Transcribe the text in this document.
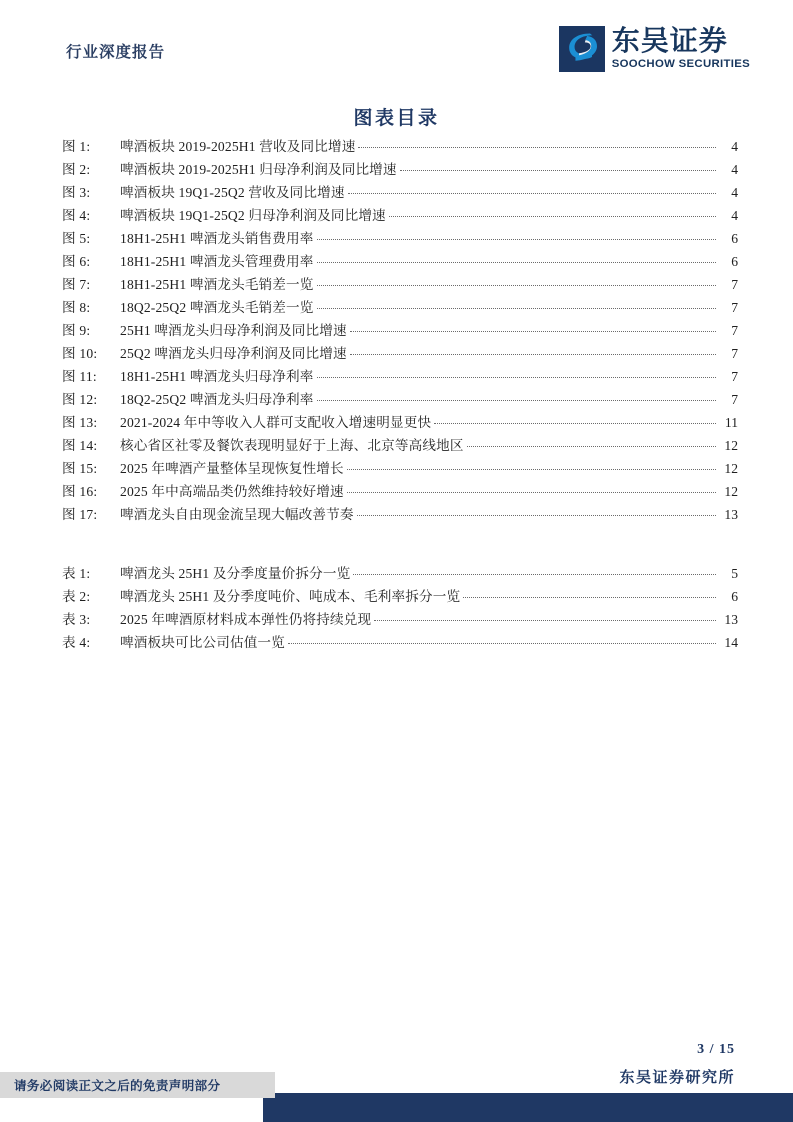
行业深度报告	东吴证券
SOOCHOW SECURITIES
图表目录
图 1:	啤酒板块 2019-2025H1 营收及同比增速	4
图 2:	啤酒板块 2019-2025H1 归母净利润及同比增速	4
图 3:	啤酒板块 19Q1-25Q2 营收及同比增速	4
图 4:	啤酒板块 19Q1-25Q2 归母净利润及同比增速	4
图 5:	18H1-25H1 啤酒龙头销售费用率	6
图 6:	18H1-25H1 啤酒龙头管理费用率	6
图 7:	18H1-25H1 啤酒龙头毛销差一览	7
图 8:	18Q2-25Q2 啤酒龙头毛销差一览	7
图 9:	25H1 啤酒龙头归母净利润及同比增速	7
图 10:	25Q2 啤酒龙头归母净利润及同比增速	7
图 11:	18H1-25H1 啤酒龙头归母净利率	7
图 12:	18Q2-25Q2 啤酒龙头归母净利率	7
图 13:	2021-2024 年中等收入人群可支配收入增速明显更快	11
图 14:	核心省区社零及餐饮表现明显好于上海、北京等高线地区	12
图 15:	2025 年啤酒产量整体呈现恢复性增长	12
图 16:	2025 年中高端品类仍然维持较好增速	12
图 17:	啤酒龙头自由现金流呈现大幅改善节奏	13
表 1:	啤酒龙头 25H1 及分季度量价拆分一览	5
表 2:	啤酒龙头 25H1 及分季度吨价、吨成本、毛利率拆分一览	6
表 3:	2025 年啤酒原材料成本弹性仍将持续兑现	13
表 4:	啤酒板块可比公司估值一览	14
3 / 15
东吴证券研究所
请务必阅读正文之后的免责声明部分
